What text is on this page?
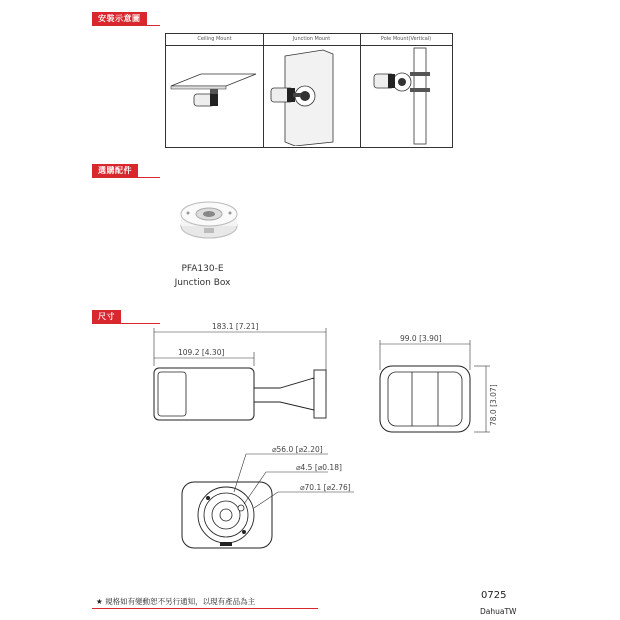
安裝示意圖
Ceiling Mount	Junction Mount	Pole Mount(Vertical)
選購配件
PFA130-E
Junction Box
尺寸
183.1 [7.21]
109.2 [4.30]
99.0 [3.90]
78.0 [3.07]
⌀56.0 [⌀2.20]
⌀4.5 [⌀0.18]
⌀70.1 [⌀2.76]
★ 規格如有變動恕不另行通知，以現有產品為主
0725
DahuaTW
